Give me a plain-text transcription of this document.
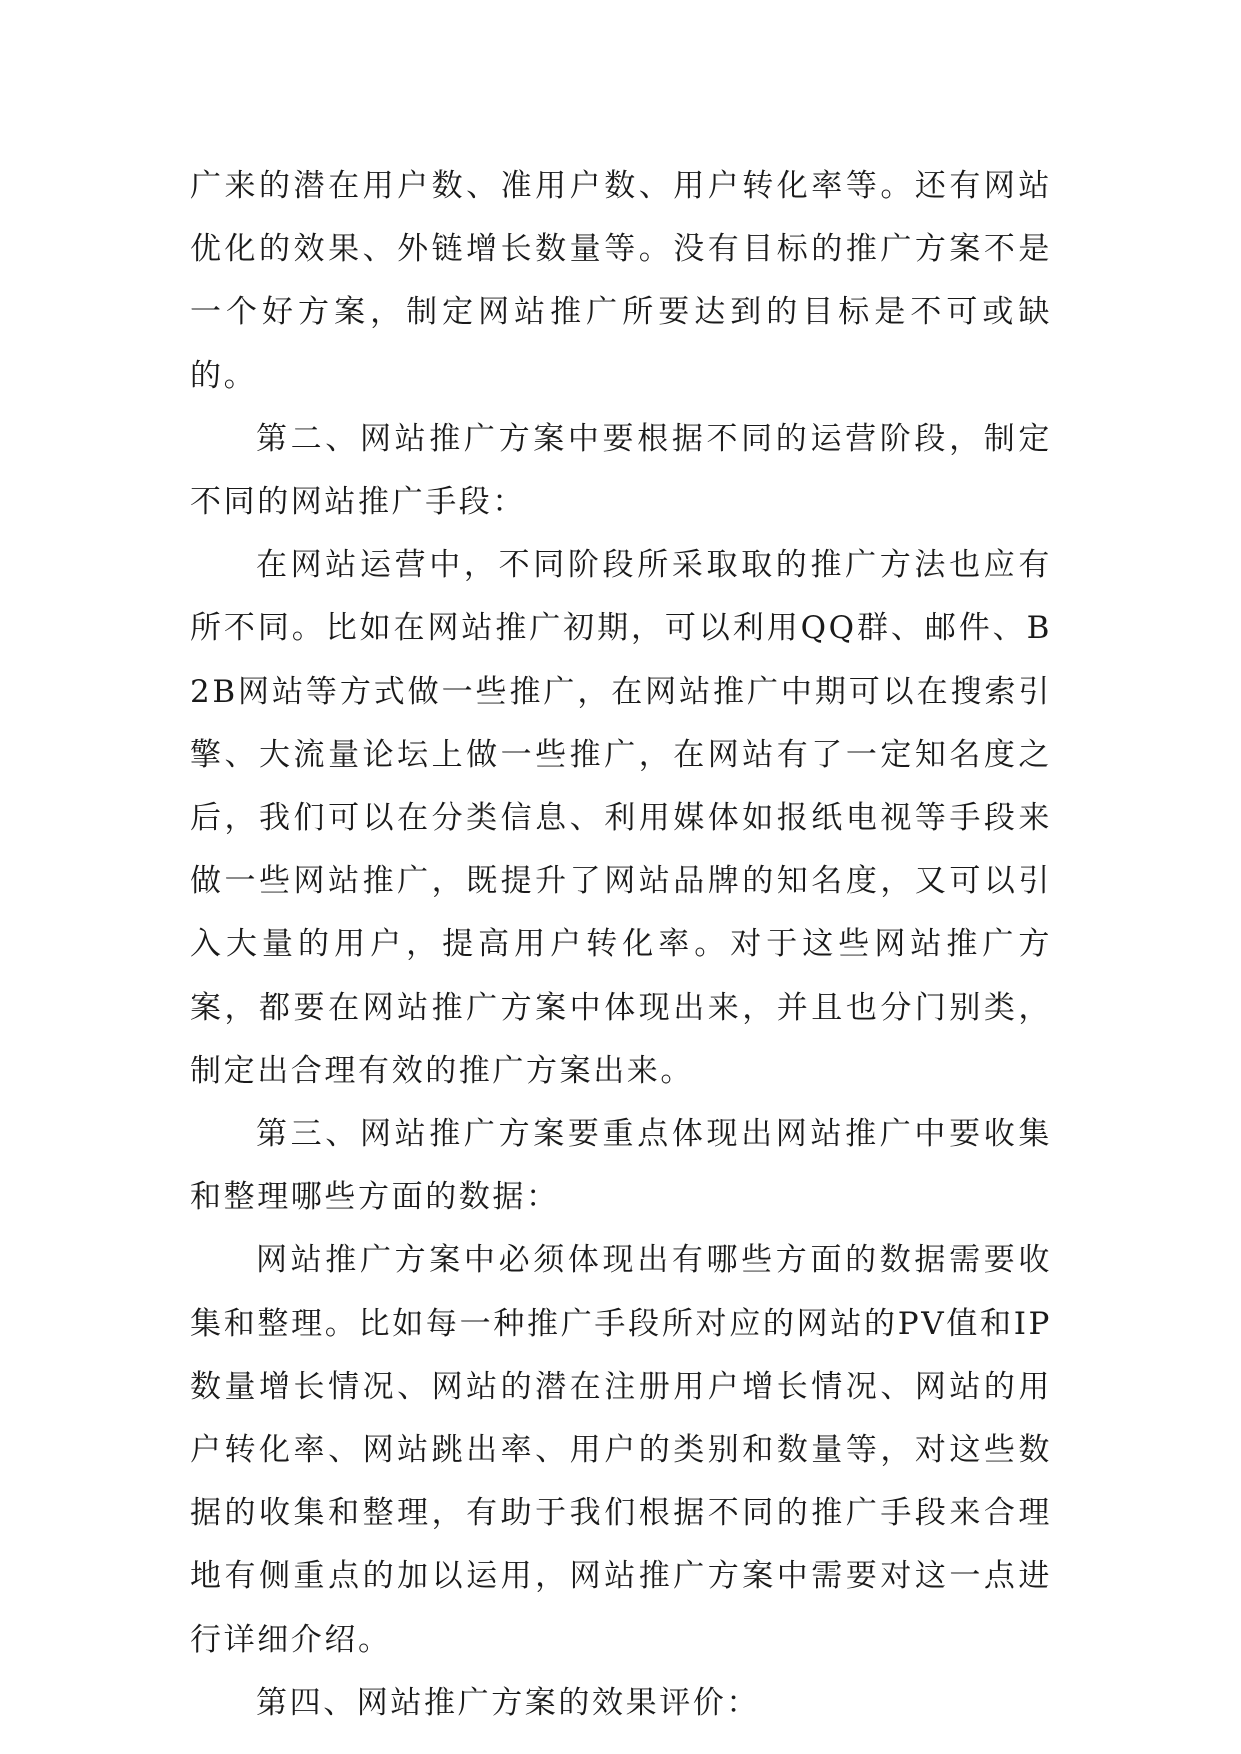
广来的潜在用户数、准用户数、用户转化率等。还有网站优化的效果、外链增长数量等。没有目标的推广方案不是一个好方案，制定网站推广所要达到的目标是不可或缺的。

第二、网站推广方案中要根据不同的运营阶段，制定不同的网站推广手段：

在网站运营中，不同阶段所采取取的推广方法也应有所不同。比如在网站推广初期，可以利用QQ群、邮件、B2B网站等方式做一些推广，在网站推广中期可以在搜索引擎、大流量论坛上做一些推广，在网站有了一定知名度之后，我们可以在分类信息、利用媒体如报纸电视等手段来做一些网站推广，既提升了网站品牌的知名度，又可以引入大量的用户，提高用户转化率。对于这些网站推广方案，都要在网站推广方案中体现出来，并且也分门别类，制定出合理有效的推广方案出来。

第三、网站推广方案要重点体现出网站推广中要收集和整理哪些方面的数据：

网站推广方案中必须体现出有哪些方面的数据需要收集和整理。比如每一种推广手段所对应的网站的PV值和IP数量增长情况、网站的潜在注册用户增长情况、网站的用户转化率、网站跳出率、用户的类别和数量等，对这些数据的收集和整理，有助于我们根据不同的推广手段来合理地有侧重点的加以运用，网站推广方案中需要对这一点进行详细介绍。

第四、网站推广方案的效果评价：
